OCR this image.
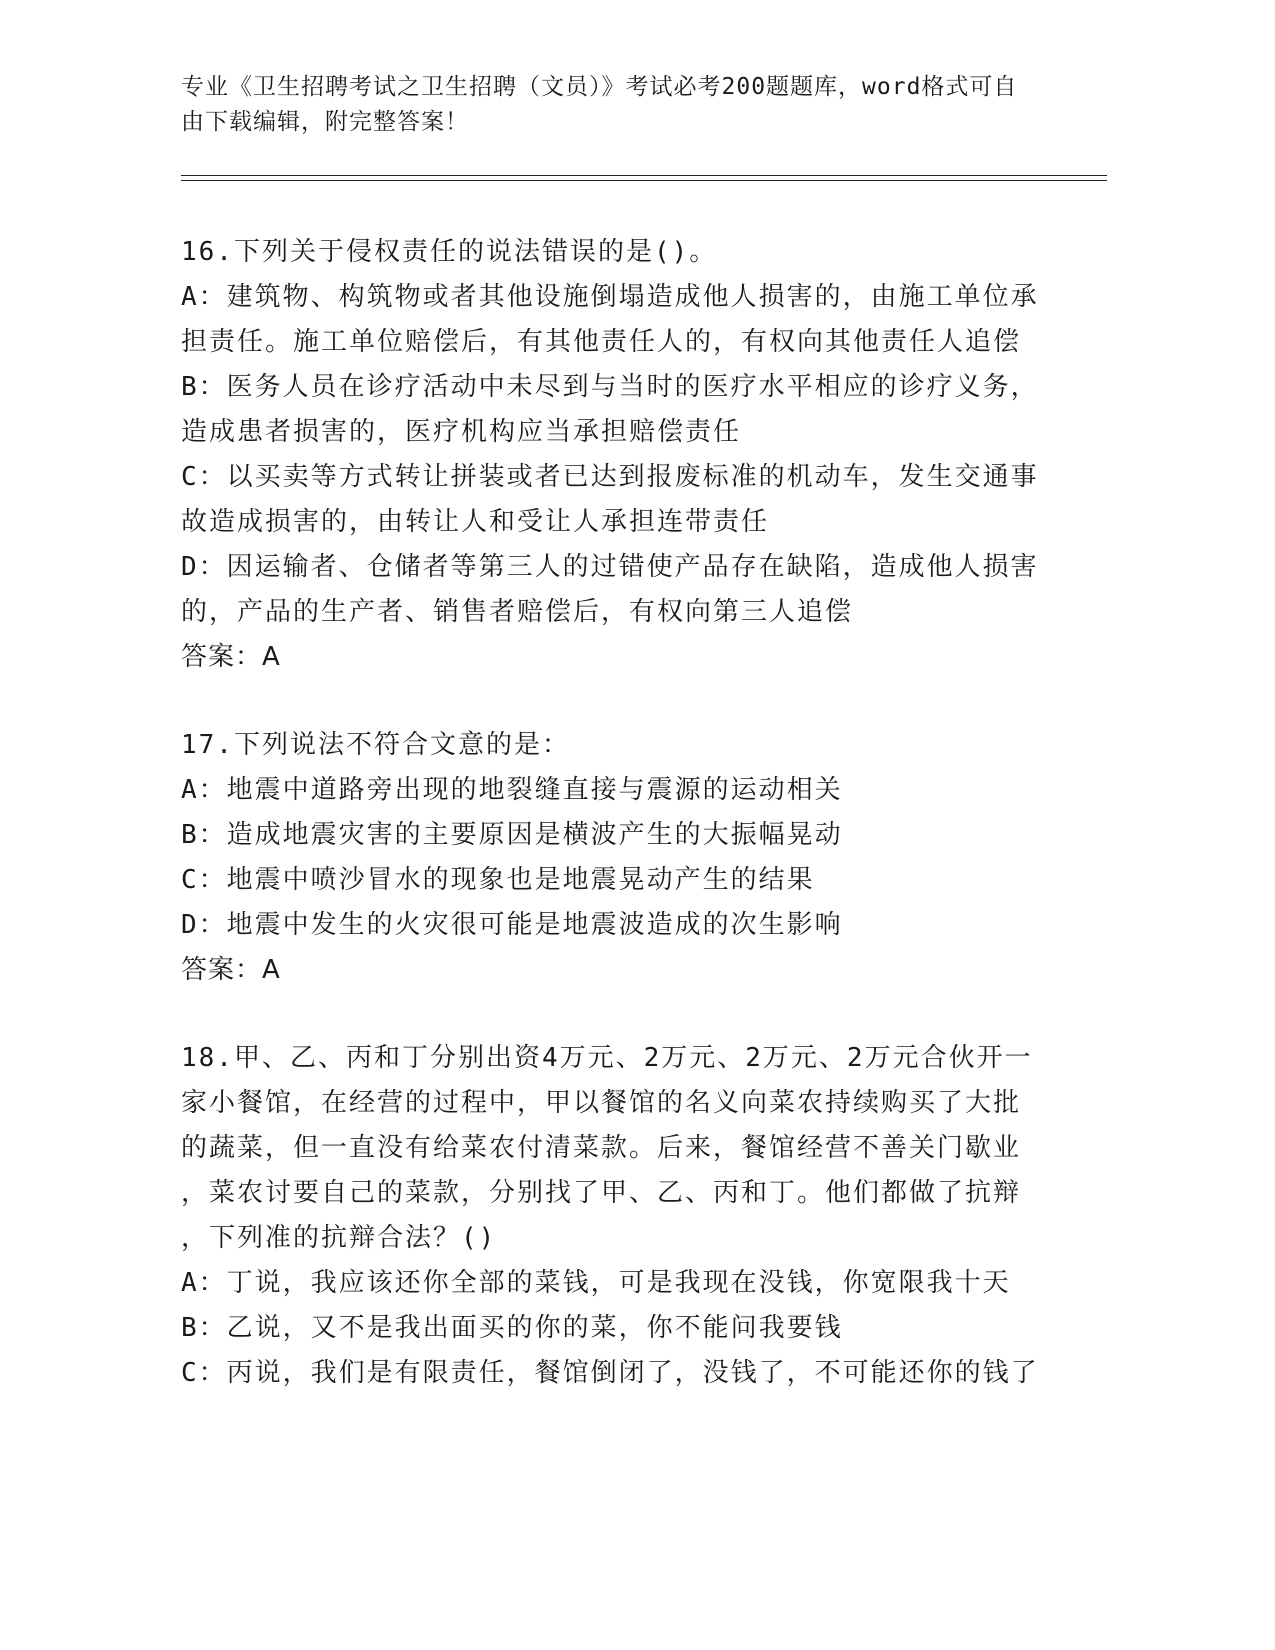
专业《卫生招聘考试之卫生招聘（文员）》考试必考200题题库，word格式可自
由下载编辑，附完整答案！
16.下列关于侵权责任的说法错误的是()。
A：建筑物、构筑物或者其他设施倒塌造成他人损害的，由施工单位承
担责任。施工单位赔偿后，有其他责任人的，有权向其他责任人追偿
B：医务人员在诊疗活动中未尽到与当时的医疗水平相应的诊疗义务，
造成患者损害的，医疗机构应当承担赔偿责任
C：以买卖等方式转让拼装或者已达到报废标准的机动车，发生交通事
故造成损害的，由转让人和受让人承担连带责任
D：因运输者、仓储者等第三人的过错使产品存在缺陷，造成他人损害
的，产品的生产者、销售者赔偿后，有权向第三人追偿
答案：A
17.下列说法不符合文意的是：
A：地震中道路旁出现的地裂缝直接与震源的运动相关
B：造成地震灾害的主要原因是横波产生的大振幅晃动
C：地震中喷沙冒水的现象也是地震晃动产生的结果
D：地震中发生的火灾很可能是地震波造成的次生影响
答案：A
18.甲、乙、丙和丁分别出资4万元、2万元、2万元、2万元合伙开一
家小餐馆，在经营的过程中，甲以餐馆的名义向菜农持续购买了大批
的蔬菜，但一直没有给菜农付清菜款。后来，餐馆经营不善关门歇业
，菜农讨要自己的菜款，分别找了甲、乙、丙和丁。他们都做了抗辩
，下列准的抗辩合法？()
A：丁说，我应该还你全部的菜钱，可是我现在没钱，你宽限我十天
B：乙说，又不是我出面买的你的菜，你不能问我要钱
C：丙说，我们是有限责任，餐馆倒闭了，没钱了，不可能还你的钱了
